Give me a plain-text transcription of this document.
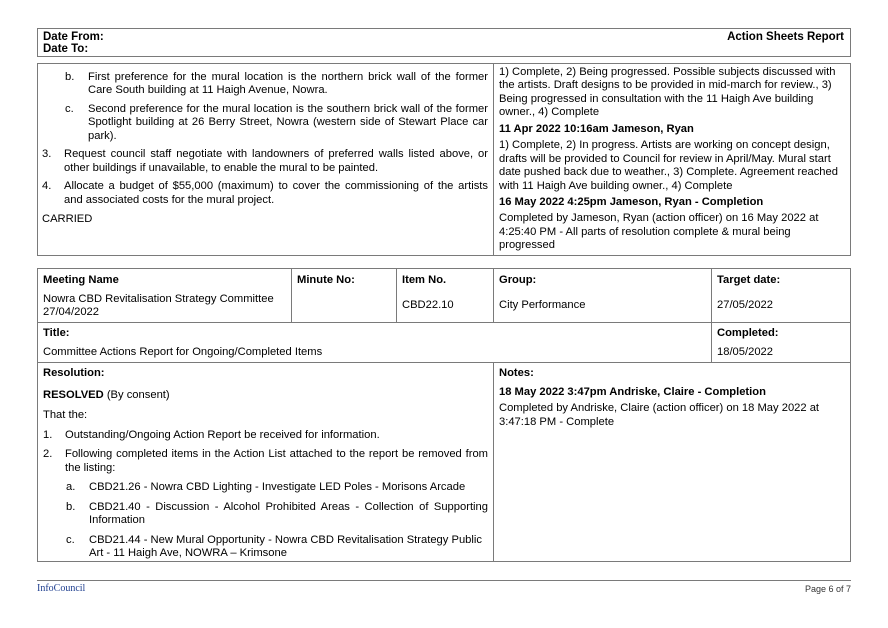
Date From:
Date To:
Action Sheets Report

b. First preference for the mural location is the northern brick wall of the former Care South building at 11 Haigh Avenue, Nowra.

c. Second preference for the mural location is the southern brick wall of the former Spotlight building at 26 Berry Street, Nowra (western side of Stewart Place car park).

3. Request council staff negotiate with landowners of preferred walls listed above, or other buildings if unavailable, to enable the mural to be painted.

4. Allocate a budget of $55,000 (maximum) to cover the commissioning of the artists and associated costs for the mural project.

CARRIED

1) Complete, 2) Being progressed. Possible subjects discussed with the artists. Draft designs to be provided in mid-march for review., 3) Being progressed in consultation with the 11 Haigh Ave building owner., 4) Complete

11 Apr 2022 10:16am Jameson, Ryan

1) Complete, 2) In progress. Artists are working on concept design, drafts will be provided to Council for review in April/May. Mural start date pushed back due to weather., 3) Complete. Agreement reached with 11 Haigh Ave building owner., 4) Complete

16 May 2022 4:25pm Jameson, Ryan - Completion

Completed by Jameson, Ryan (action officer) on 16 May 2022 at 4:25:40 PM - All parts of resolution complete & mural being progressed

Meeting Name
Nowra CBD Revitalisation Strategy Committee 27/04/2022
Minute No:	Item No.
CBD22.10
Group:
City Performance
Target date:
27/05/2022
Title:
Committee Actions Report for Ongoing/Completed Items
Completed:
18/05/2022
Resolution:

RESOLVED (By consent)

That the:

1. Outstanding/Ongoing Action Report be received for information.

2. Following completed items in the Action List attached to the report be removed from the listing:

a. CBD21.26 - Nowra CBD Lighting - Investigate LED Poles - Morisons Arcade

b. CBD21.40 - Discussion - Alcohol Prohibited Areas - Collection of Supporting Information

c. CBD21.44 - New Mural Opportunity - Nowra CBD Revitalisation Strategy Public Art - 11 Haigh Ave, NOWRA – Krimsone

Notes:

18 May 2022 3:47pm Andriske, Claire - Completion

Completed by Andriske, Claire (action officer) on 18 May 2022 at 3:47:18 PM - Complete

InfoCouncil	Page 6 of 7
